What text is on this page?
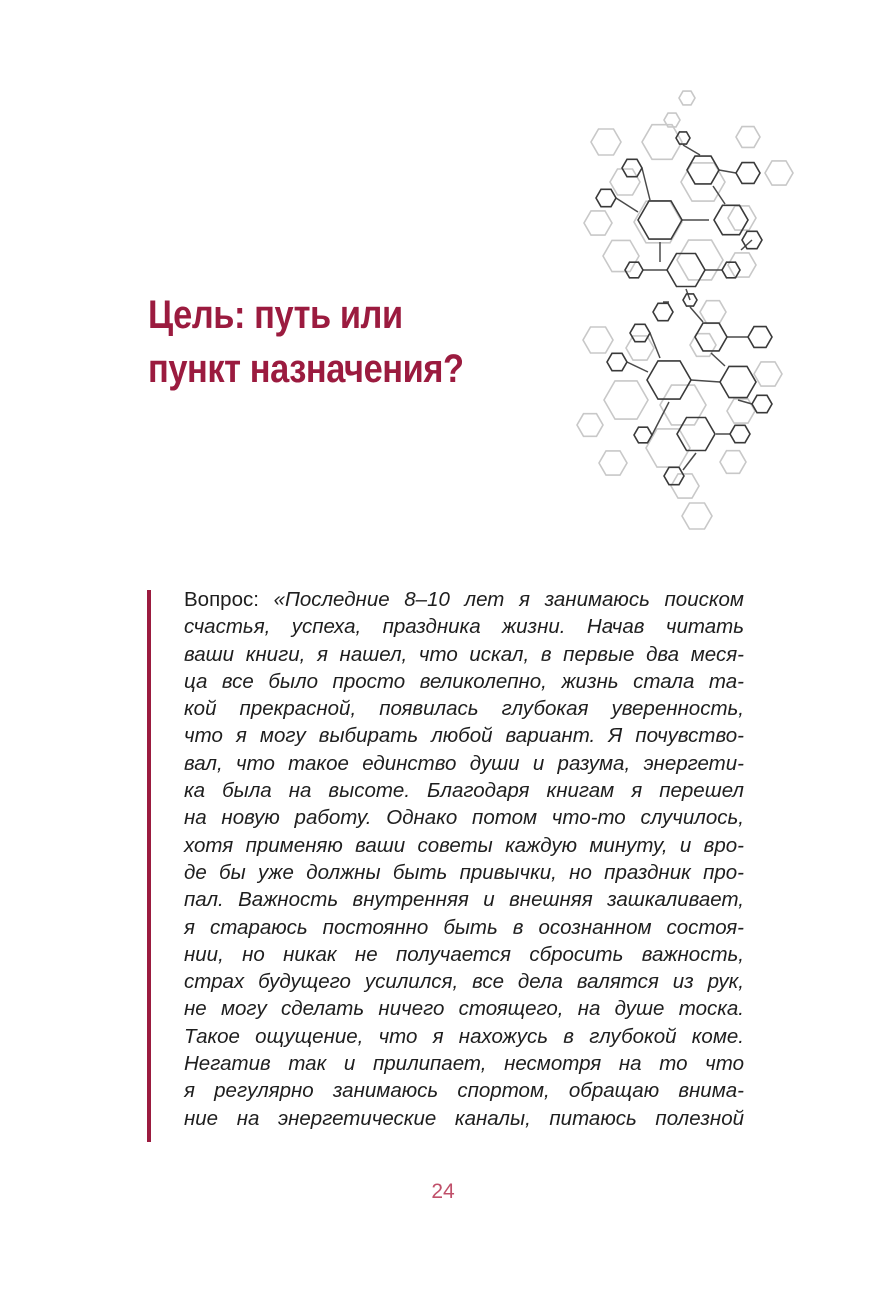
Цель: путь или
пункт назначения?
Вопрос: «Последние 8–10 лет я занимаюсь поиском
счастья, успеха, праздника жизни. Начав читать
ваши книги, я нашел, что искал, в первые два меся-
ца все было просто великолепно, жизнь стала та-
кой прекрасной, появилась глубокая уверенность,
что я могу выбирать любой вариант. Я почувство-
вал, что такое единство души и разума, энергети-
ка была на высоте. Благодаря книгам я перешел
на новую работу. Однако потом что-то случилось,
хотя применяю ваши советы каждую минуту, и вро-
де бы уже должны быть привычки, но праздник про-
пал. Важность внутренняя и внешняя зашкаливает,
я стараюсь постоянно быть в осознанном состоя-
нии, но никак не получается сбросить важность,
страх будущего усилился, все дела валятся из рук,
не могу сделать ничего стоящего, на душе тоска.
Такое ощущение, что я нахожусь в глубокой коме.
Негатив так и прилипает, несмотря на то что
я регулярно занимаюсь спортом, обращаю внима-
ние на энергетические каналы, питаюсь полезной
24
